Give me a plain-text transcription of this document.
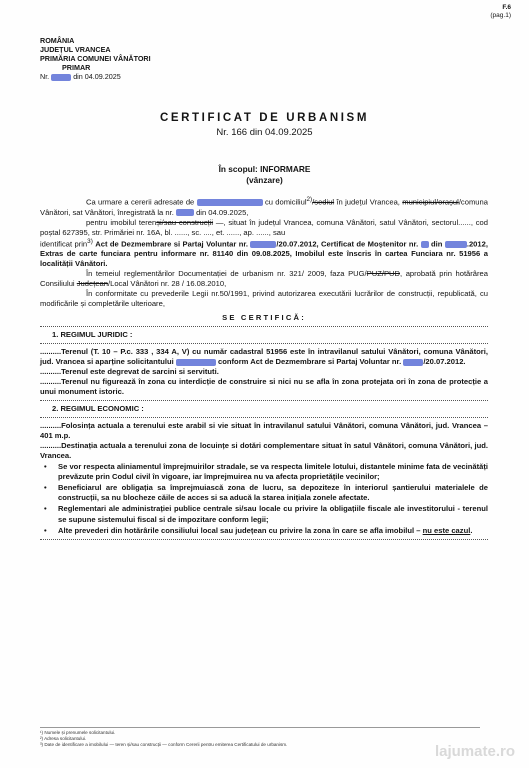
F.6
(pag.1)
ROMÂNIA
JUDEȚUL VRANCEA
PRIMĂRIA COMUNEI VÂNĂTORI
PRIMAR
Nr.	din 04.09.2025
CERTIFICAT DE URBANISM
Nr. 166 din 04.09.2025
În scopul: INFORMARE
(vânzare)

Ca urmare a cererii adresate de	cu domiciliul$^{2)}$/sediul în județul Vrancea, municipiul/orașul/comuna Vânători, sat Vânători, înregistrată la nr.	din 04.09.2025,

pentru imobilul terenși/sau construcții —, situat în județul Vrancea, comuna Vânători, satul Vânători, sectorul......, cod poștal 627395, str. Primăriei nr. 16A, bl. ......, sc. ...., et. ......, ap. ......, sau

identificat prin$^{3)}$ Act de Dezmembrare si Partaj Voluntar nr.	/20.07.2012, Certificat de Moștenitor nr. din	.2012, Extras de carte funciara pentru informare nr. 81140 din 09.08.2025, Imobilul este înscris în cartea Funciara nr. 51956 a localității Vânători.

În temeiul reglementărilor Documentației de urbanism nr. 321/ 2009, faza PUG/PUZ/PUD, aprobată prin hotărârea Consiliului Județean/Local Vânători nr. 28 / 16.08.2010,

În conformitate cu prevederile Legii nr.50/1991, privind autorizarea executării lucrărilor de construcții, republicată, cu modificările și completările ulterioare,

SE CERTIFICĂ:
1. REGIMUL JURIDIC :

..........Terenul (T. 10 – P.c. 333 , 334 A, V) cu număr cadastral 51956 este în intravilanul satului Vânători, comuna Vânători, jud. Vrancea si aparține solicitantului	conform Act de Dezmembrare si Partaj Voluntar nr.	/20.07.2012.

..........Terenul este degrevat de sarcini si servituti.

..........Terenul nu figurează în zona cu interdicție de construire si nici nu se afla în zona protejata ori în zona de protecție a unui monument istoric.

2. REGIMUL ECONOMIC :

..........Folosința actuala a terenului este arabil si vie situat în intravilanul satului Vânători, comuna Vânători, jud. Vrancea – 401 m.p.

..........Destinația actuala a terenului zona de locuințe si dotări complementare situat în satul Vânători, comuna Vânători, jud. Vrancea.

•	Se vor respecta aliniamentul împrejmuirilor stradale, se va respecta limitele lotului, distantele minime fata de vecinătăți prevăzute prin Codul civil în vigoare, iar împrejmuirea nu va afecta proprietățile vecinilor;
•	Beneficiarul are obligația sa împrejmuiască zona de lucru, sa depoziteze în interiorul șantierului materialele de construcții, sa nu blocheze căile de acces si sa aducă la starea inițiala zonele afectate.
•	Reglementari ale administrației publice centrale si/sau locale cu privire la obligațiile fiscale ale investitorului - terenul se supune sistemului fiscal si de impozitare conform legii;
•	Alte prevederi din hotărârile consiliului local sau județean cu privire la zona în care se afla imobilul – nu este cazul.
¹) Numele și prenumele solicitantului.
²) Adresa solicitantului.
³) Date de identificare a imobilului — teren și/sau construcții — conform Cererii pentru emiterea Certificatului de urbanism.	lajumate.ro
